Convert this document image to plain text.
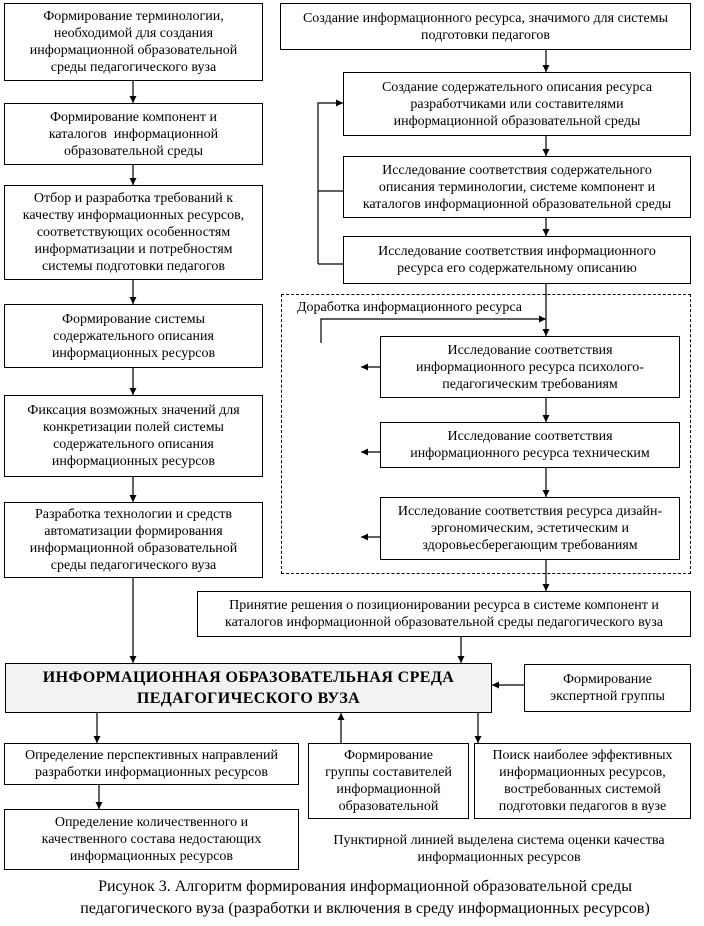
Формирование терминологии,
необходимой для создания
информационной образовательной
среды педагогического вуза
Формирование компонент и
каталогов  информационной
образовательной среды
Отбор и разработка требований к
качеству информационных ресурсов,
соответствующих особенностям
информатизации и потребностям
системы подготовки педагогов
Формирование системы
содержательного описания
информационных ресурсов
Фиксация возможных значений для
конкретизации полей системы
содержательного описания
информационных ресурсов
Разработка технологии и средств
автоматизации формирования
информационной образовательной
среды педагогического вуза
Создание информационного ресурса, значимого для системы
подготовки педагогов
Создание содержательного описания ресурса
разработчиками или составителями
информационной образовательной среды
Исследование соответствия содержательного
описания терминологии, системе компонент и
каталогов информационной образовательной среды
Исследование соответствия информационного
ресурса его содержательному описанию
Доработка информационного ресурса
Исследование соответствия
информационного ресурса психолого-
педагогическим требованиям
Исследование соответствия
информационного ресурса техническим
Исследование соответствия ресурса дизайн-
эргономическим, эстетическим и
здоровьесберегающим требованиям
Принятие решения о позиционировании ресурса в системе компонент и
каталогов информационной образовательной среды педагогического вуза
ИНФОРМАЦИОННАЯ ОБРАЗОВАТЕЛЬНАЯ СРЕДА
ПЕДАГОГИЧЕСКОГО ВУЗА
Формирование
экспертной группы
Определение перспективных направлений
разработки информационных ресурсов
Определение количественного и
качественного состава недостающих
информационных ресурсов
Формирование
группы составителей
информационной
образовательной
Поиск наиболее эффективных
информационных ресурсов,
востребованных системой
подготовки педагогов в вузе
Пунктирной линией выделена система оценки качества
информационных ресурсов
Рисунок 3. Алгоритм формирования информационной образовательной среды
педагогического вуза (разработки и включения в среду информационных ресурсов)
